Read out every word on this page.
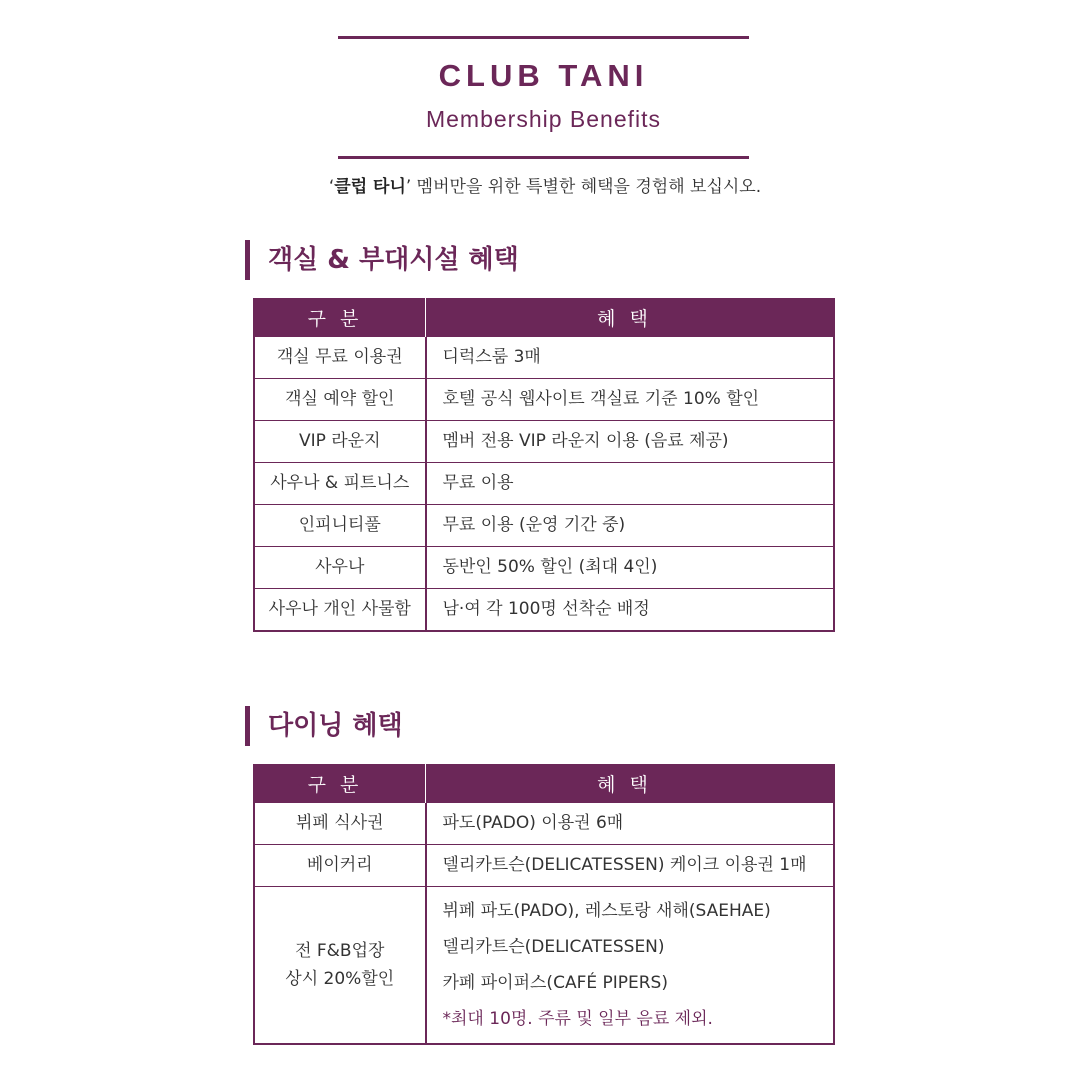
CLUB TANI
Membership Benefits
‘클럽 타니’ 멤버만을 위한 특별한 혜택을 경험해 보십시오.
객실 & 부대시설 혜택
구분	혜택
객실 무료 이용권	디럭스룸 3매
객실 예약 할인	호텔 공식 웹사이트 객실료 기준 10% 할인
VIP 라운지	멤버 전용 VIP 라운지 이용 (음료 제공)
사우나 & 피트니스	무료 이용
인피니티풀	무료 이용 (운영 기간 중)
사우나	동반인 50% 할인 (최대 4인)
사우나 개인 사물함	남·여 각 100명 선착순 배정
다이닝 혜택
구분	혜택
뷔페 식사권	파도(PADO) 이용권 6매
베이커리	델리카트슨(DELICATESSEN) 케이크 이용권 1매

전 F&B업장
상시 20%할인	뷔페 파도(PADO), 레스토랑 새해(SAEHAE)
델리카트슨(DELICATESSEN)
카페 파이퍼스(CAFÉ PIPERS)
*최대 10명. 주류 및 일부 음료 제외.
